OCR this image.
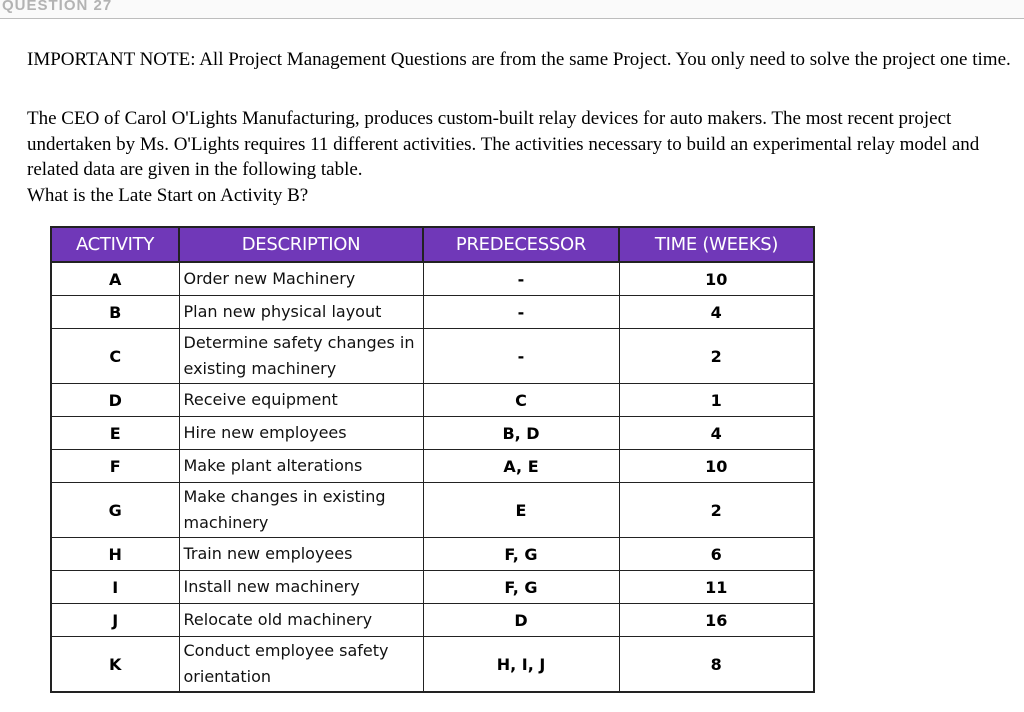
QUESTION 27
IMPORTANT NOTE: All Project Management Questions are from the same Project. You only need to solve the project one time.
The CEO of Carol O'Lights Manufacturing, produces custom-built relay devices for auto makers. The most recent project undertaken by Ms. O'Lights requires 11 different activities. The activities necessary to build an experimental relay model and related data are given in the following table.
What is the Late Start on Activity B?
ACTIVITY	DESCRIPTION	PREDECESSOR	TIME (WEEKS)
A	Order new Machinery	-	10
B	Plan new physical layout	-	4
C	Determine safety changes in existing machinery	-	2
D	Receive equipment	C	1
E	Hire new employees	B, D	4
F	Make plant alterations	A, E	10
G	Make changes in existing machinery	E	2
H	Train new employees	F, G	6
I	Install new machinery	F, G	11
J	Relocate old machinery	D	16
K	Conduct employee safety orientation	H, I, J	8
